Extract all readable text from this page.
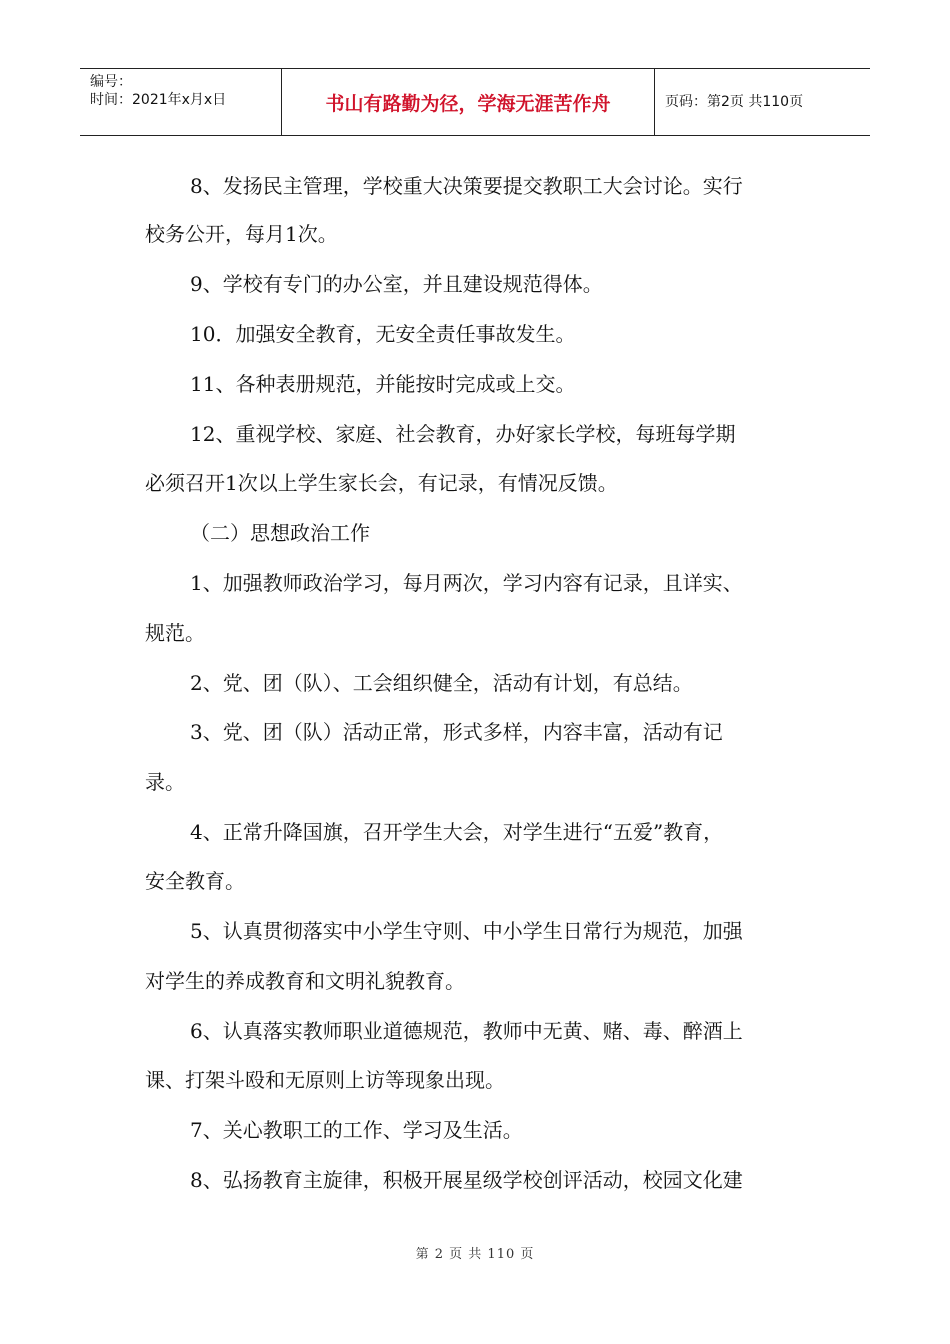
编号：
时间：2021年x月x日	书山有路勤为径，学海无涯苦作舟	页码：第2页 共110页
8、发扬民主管理，学校重大决策要提交教职工大会讨论。实行
校务公开，每月1次。
9、学校有专门的办公室，并且建设规范得体。
10．加强安全教育，无安全责任事故发生。
11、各种表册规范，并能按时完成或上交。
12、重视学校、家庭、社会教育，办好家长学校，每班每学期
必须召开1次以上学生家长会，有记录，有情况反馈。
（二）思想政治工作
1、加强教师政治学习，每月两次，学习内容有记录，且详实、
规范。
2、党、团（队）、工会组织健全，活动有计划，有总结。
3、党、团（队）活动正常，形式多样，内容丰富，活动有记
录。
4、正常升降国旗，召开学生大会，对学生进行“五爱”教育，
安全教育。
5、认真贯彻落实中小学生守则、中小学生日常行为规范，加强
对学生的养成教育和文明礼貌教育。
6、认真落实教师职业道德规范，教师中无黄、赌、毒、醉酒上
课、打架斗殴和无原则上访等现象出现。
7、关心教职工的工作、学习及生活。
8、弘扬教育主旋律，积极开展星级学校创评活动，校园文化建
第 2 页 共 110 页
